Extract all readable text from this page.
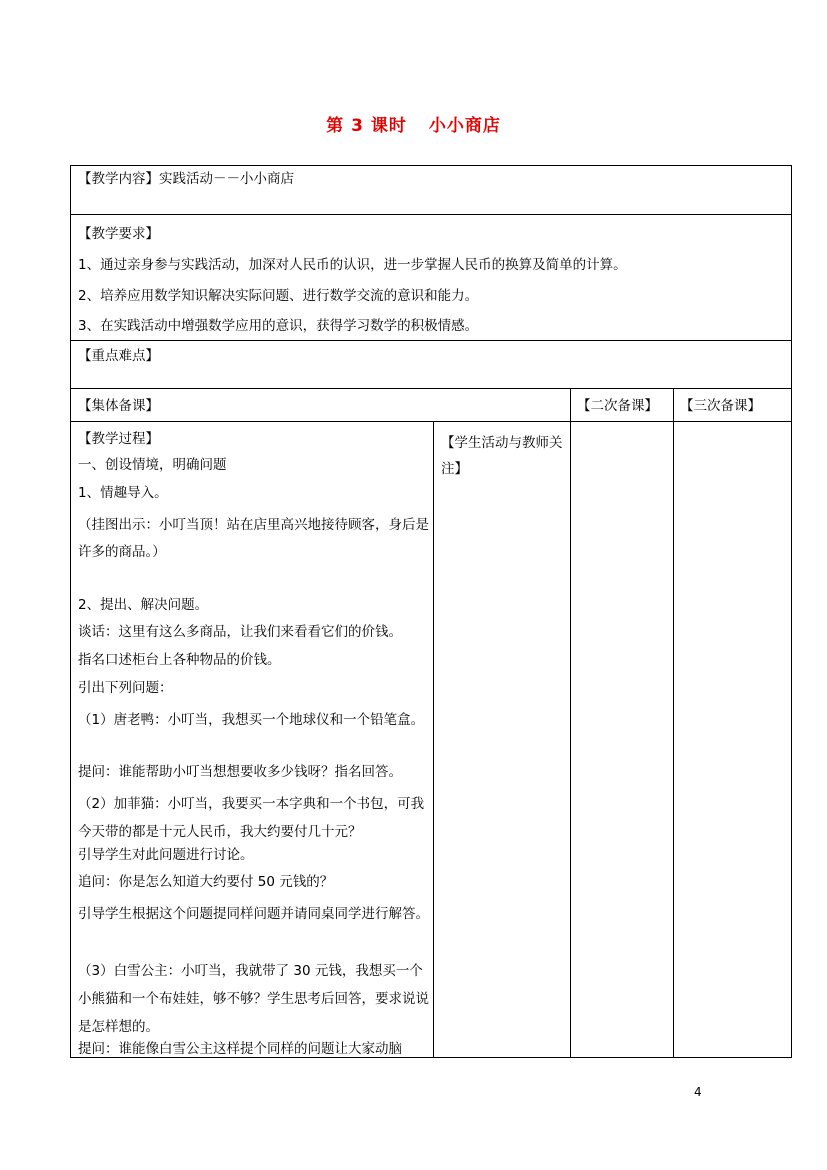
第 3 课时 小小商店
【教学内容】实践活动－－小小商店
【教学要求】
1、通过亲身参与实践活动，加深对人民币的认识，进一步掌握人民币的换算及简单的计算。
2、培养应用数学知识解决实际问题、进行数学交流的意识和能力。
3、在实践活动中增强数学应用的意识，获得学习数学的积极情感。
【重点难点】
【集体备课】	【二次备课】 【三次备课】
【学生活动与教师关注】

【教学过程】

一、创设情境，明确问题

1、情趣导入。

（挂图出示：小叮当顶！站在店里高兴地接待顾客，身后是许多的商品。）

2、提出、解决问题。

谈话：这里有这么多商品，让我们来看看它们的价钱。

指名口述柜台上各种物品的价钱。

引出下列问题：

（1）唐老鸭：小叮当，我想买一个地球仪和一个铅笔盒。

提问：谁能帮助小叮当想想要收多少钱呀？指名回答。

（2）加菲猫：小叮当，我要买一本字典和一个书包，可我今天带的都是十元人民币，我大约要付几十元？

引导学生对此问题进行讨论。

追问：你是怎么知道大约要付 50 元钱的？

引导学生根据这个问题提同样问题并请同桌同学进行解答。

（3）白雪公主：小叮当，我就带了 30 元钱，我想买一个小熊猫和一个布娃娃，够不够？学生思考后回答，要求说说是怎样想的。

提问：谁能像白雪公主这样提个同样的问题让大家动脑

4
